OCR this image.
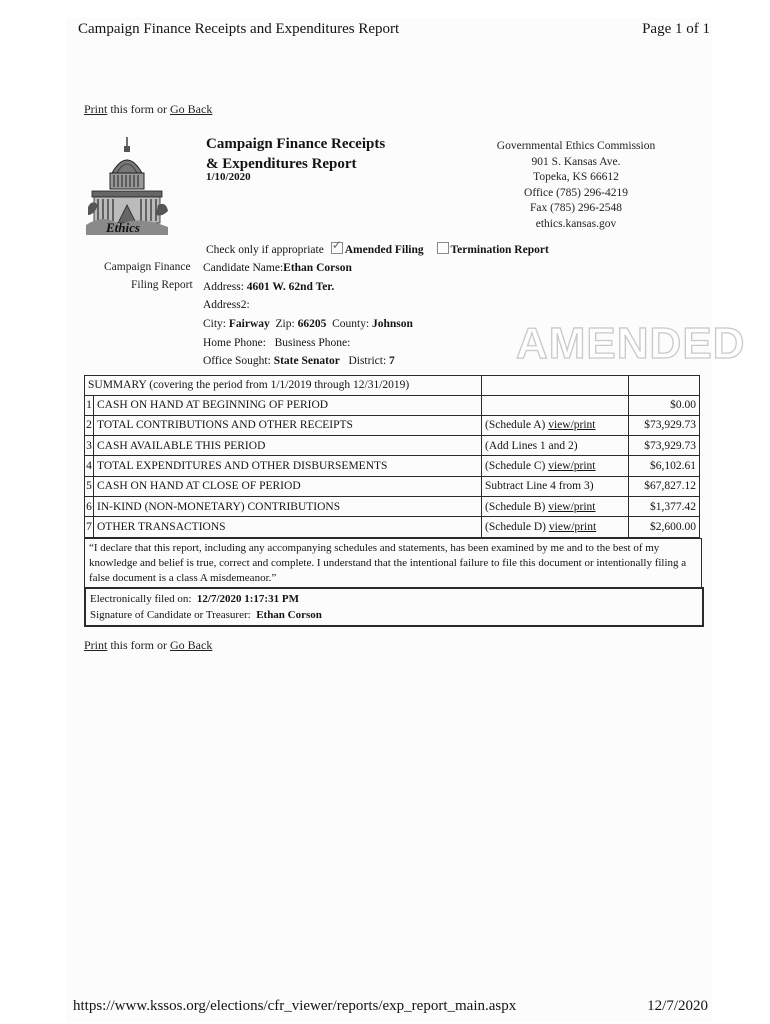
Campaign Finance Receipts and Expenditures Report	Page 1 of 1
Print this form or Go Back
Ethics
Campaign Finance Receipts
& Expenditures Report
1/10/2020
Governmental Ethics Commission
901 S. Kansas Ave.
Topeka, KS 66612
Office (785) 296-4219
Fax (785) 296-2548
ethics.kansas.gov
Check only if appropriate ✓ Amended Filing Termination Report
Campaign Finance
Filing Report
Candidate Name:Ethan Corson
Address: 4601 W. 62nd Ter.
Address2:
City: Fairway Zip: 66205 County: Johnson
Home Phone: Business Phone:
Office Sought: State Senator District: 7	AMENDED
SUMMARY (covering the period from 1/1/2019 through 12/31/2019)			
1	CASH ON HAND AT BEGINNING OF PERIOD		$0.00
2	TOTAL CONTRIBUTIONS AND OTHER RECEIPTS	(Schedule A) view/print	$73,929.73
3	CASH AVAILABLE THIS PERIOD	(Add Lines 1 and 2)	$73,929.73
4	TOTAL EXPENDITURES AND OTHER DISBURSEMENTS	(Schedule C) view/print	$6,102.61
5	CASH ON HAND AT CLOSE OF PERIOD	Subtract Line 4 from 3)	$67,827.12
6	IN-KIND (NON-MONETARY) CONTRIBUTIONS	(Schedule B) view/print	$1,377.42
7	OTHER TRANSACTIONS	(Schedule D) view/print	$2,600.00
“I declare that this report, including any accompanying schedules and statements, has been examined by me and to the best of my knowledge and belief is true, correct and complete. I understand that the intentional failure to file this document or intentionally filing a false document is a class A misdemeanor.”
Electronically filed on: 12/7/2020 1:17:31 PM
Signature of Candidate or Treasurer: Ethan Corson
Print this form or Go Back
https://www.kssos.org/elections/cfr_viewer/reports/exp_report_main.aspx	12/7/2020
